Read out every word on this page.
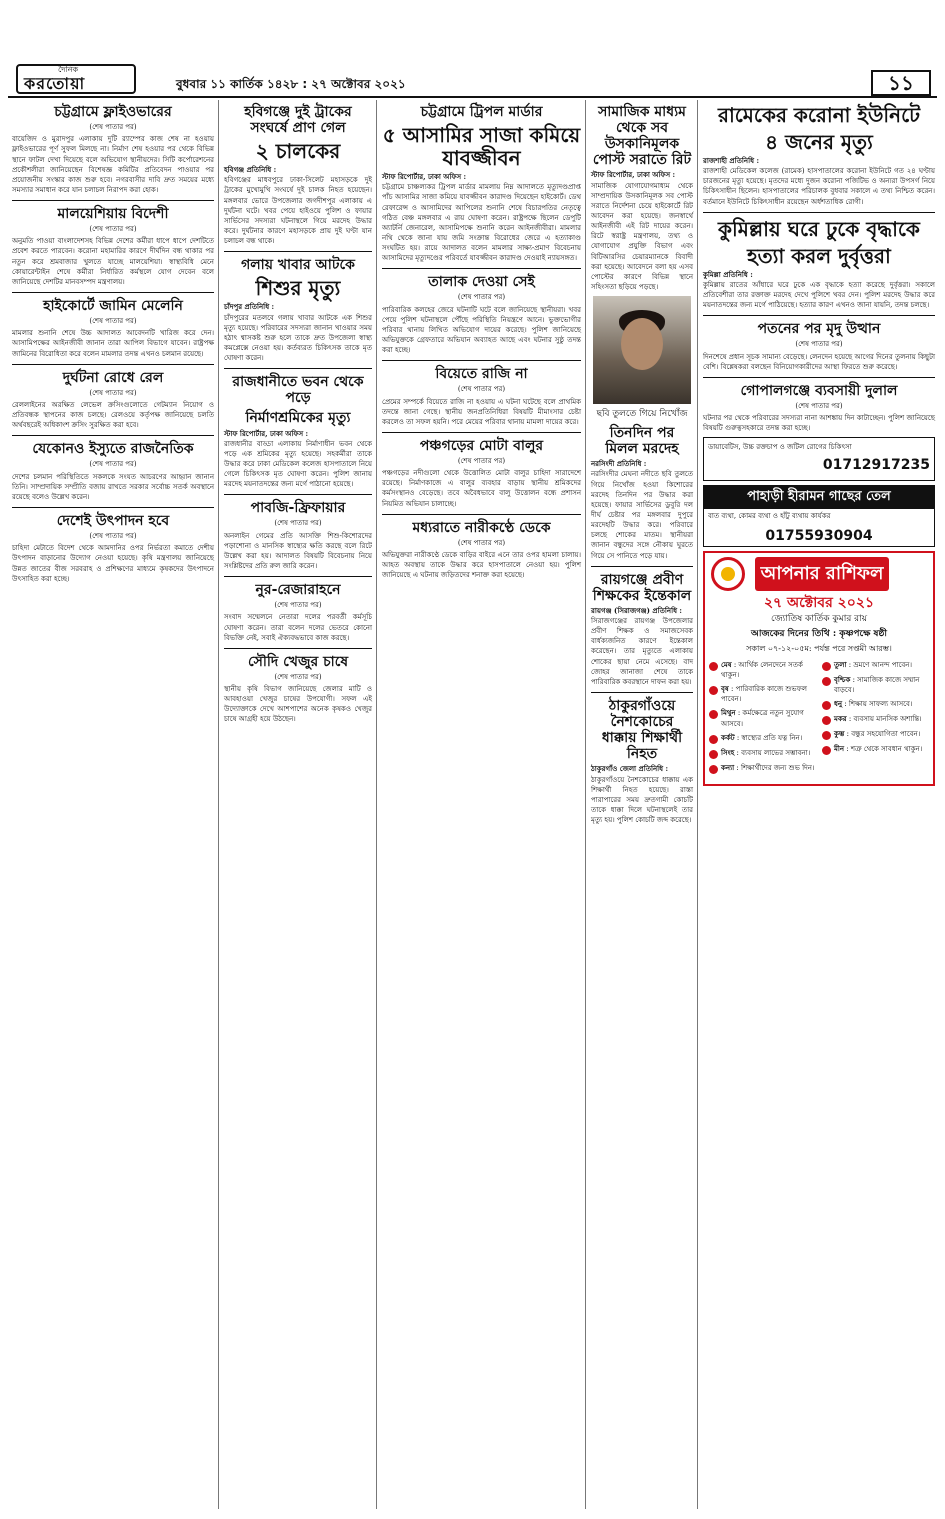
দৈনিক
করতোয়া	বুধবার ১১ কার্তিক ১৪২৮ : ২৭ অক্টোবর ২০২১	১১
চট্টগ্রামে ফ্লাইওভারের
(শেষ পাতার পর)

বায়েজিদ ও মুরাদপুর এলাকায় দুটি র‌্যাম্পের কাজ শেষ না হওয়ায় ফ্লাইওভারের পূর্ণ সুফল মিলছে না। নির্মাণ শেষ হওয়ার পর থেকে বিভিন্ন স্থানে ফাটল দেখা দিয়েছে বলে অভিযোগ স্থানীয়দের। সিটি কর্পোরেশনের প্রকৌশলীরা জানিয়েছেন বিশেষজ্ঞ কমিটির প্রতিবেদন পাওয়ার পর প্রয়োজনীয় সংস্কার কাজ শুরু হবে। নগরবাসীর দাবি দ্রুত সময়ের মধ্যে সমস্যার সমাধান করে যান চলাচল নিরাপদ করা হোক।

মালয়েশিয়ায় বিদেশী
(শেষ পাতার পর)

অনুমতি পাওয়া বাংলাদেশসহ বিভিন্ন দেশের কর্মীরা ধাপে ধাপে দেশটিতে প্রবেশ করতে পারবেন। করোনা মহামারির কারণে দীর্ঘদিন বন্ধ থাকার পর নতুন করে শ্রমবাজার খুলতে যাচ্ছে মালয়েশিয়া। স্বাস্থ্যবিধি মেনে কোয়ারেন্টাইন শেষে কর্মীরা নির্ধারিত কর্মস্থলে যোগ দেবেন বলে জানিয়েছে দেশটির মানবসম্পদ মন্ত্রণালয়।

হাইকোর্টে জামিন মেলেনি
(শেষ পাতার পর)

মামলার শুনানি শেষে উচ্চ আদালত আবেদনটি খারিজ করে দেন। আসামিপক্ষের আইনজীবী জানান তারা আপিল বিভাগে যাবেন। রাষ্ট্রপক্ষ জামিনের বিরোধিতা করে বলেন মামলার তদন্ত এখনও চলমান রয়েছে।

দুর্ঘটনা রোধে রেল
(শেষ পাতার পর)

রেললাইনের অরক্ষিত লেভেল ক্রসিংগুলোতে গেটম্যান নিয়োগ ও প্রতিবন্ধক স্থাপনের কাজ চলছে। রেলওয়ে কর্তৃপক্ষ জানিয়েছে চলতি অর্থবছরেই অধিকাংশ ক্রসিং সুরক্ষিত করা হবে।

যেকোনও ইস্যুতে রাজনৈতিক
(শেষ পাতার পর)

দেশের চলমান পরিস্থিতিতে সকলকে সংযত আচরণের আহ্বান জানান তিনি। সাম্প্রদায়িক সম্প্রীতি বজায় রাখতে সরকার সর্বোচ্চ সতর্ক অবস্থানে রয়েছে বলেও উল্লেখ করেন।

দেশেই উৎপাদন হবে
(শেষ পাতার পর)

চাহিদা মেটাতে বিদেশ থেকে আমদানির ওপর নির্ভরতা কমাতে দেশীয় উৎপাদন বাড়ানোর উদ্যোগ নেওয়া হয়েছে। কৃষি মন্ত্রণালয় জানিয়েছে উন্নত জাতের বীজ সরবরাহ ও প্রশিক্ষণের মাধ্যমে কৃষকদের উৎপাদনে উৎসাহিত করা হচ্ছে।

হবিগঞ্জে দুই ট্রাকের সংঘর্ষে প্রাণ গেল
২ চালকের
হবিগঞ্জ প্রতিনিধি :

হবিগঞ্জের মাধবপুরে ঢাকা-সিলেট মহাসড়কে দুই ট্রাকের মুখোমুখি সংঘর্ষে দুই চালক নিহত হয়েছেন। মঙ্গলবার ভোরে উপজেলার জগদীশপুর এলাকায় এ দুর্ঘটনা ঘটে। খবর পেয়ে হাইওয়ে পুলিশ ও ফায়ার সার্ভিসের সদস্যরা ঘটনাস্থলে গিয়ে মরদেহ উদ্ধার করে। দুর্ঘটনার কারণে মহাসড়কে প্রায় দুই ঘণ্টা যান চলাচল বন্ধ থাকে।

গলায় খাবার আটকে
শিশুর মৃত্যু
চাঁদপুর প্রতিনিধি :

চাঁদপুরের মতলবে গলায় খাবার আটকে এক শিশুর মৃত্যু হয়েছে। পরিবারের সদস্যরা জানান খাওয়ার সময় হঠাৎ শ্বাসকষ্ট শুরু হলে তাকে দ্রুত উপজেলা স্বাস্থ্য কমপ্লেক্সে নেওয়া হয়। কর্তব্যরত চিকিৎসক তাকে মৃত ঘোষণা করেন।

রাজধানীতে ভবন থেকে পড়ে
নির্মাণশ্রমিকের মৃত্যু
স্টাফ রিপোর্টার, ঢাকা অফিস :

রাজধানীর বাড্ডা এলাকায় নির্মাণাধীন ভবন থেকে পড়ে এক শ্রমিকের মৃত্যু হয়েছে। সহকর্মীরা তাকে উদ্ধার করে ঢাকা মেডিকেল কলেজ হাসপাতালে নিয়ে গেলে চিকিৎসক মৃত ঘোষণা করেন। পুলিশ জানায় মরদেহ ময়নাতদন্তের জন্য মর্গে পাঠানো হয়েছে।

পাবজি-ফ্রিফায়ার
(শেষ পাতার পর)

অনলাইন গেমের প্রতি আসক্তি শিশু-কিশোরদের পড়াশোনা ও মানসিক স্বাস্থ্যের ক্ষতি করছে বলে রিটে উল্লেখ করা হয়। আদালত বিষয়টি বিবেচনায় নিয়ে সংশ্লিষ্টদের প্রতি রুল জারি করেন।

নুর-রেজারাহনে
(শেষ পাতার পর)

সংবাদ সম্মেলনে নেতারা দলের পরবর্তী কর্মসূচি ঘোষণা করেন। তারা বলেন দলের ভেতরে কোনো বিভক্তি নেই, সবাই ঐক্যবদ্ধভাবে কাজ করছে।

সৌদি খেজুর চাষে
(শেষ পাতার পর)

স্থানীয় কৃষি বিভাগ জানিয়েছে জেলার মাটি ও আবহাওয়া খেজুর চাষের উপযোগী। সফল এই উদ্যোক্তাকে দেখে আশপাশের অনেক কৃষকও খেজুর চাষে আগ্রহী হয়ে উঠছেন।

চট্টগ্রামে ট্রিপল মার্ডার
৫ আসামির সাজা কমিয়ে যাবজ্জীবন
স্টাফ রিপোর্টার, ঢাকা অফিস :

চট্টগ্রামে চাঞ্চল্যকর ট্রিপল মার্ডার মামলায় নিম্ন আদালতে মৃত্যুদণ্ডপ্রাপ্ত পাঁচ আসামির সাজা কমিয়ে যাবজ্জীবন কারাদণ্ড দিয়েছেন হাইকোর্ট। ডেথ রেফারেন্স ও আসামিদের আপিলের শুনানি শেষে বিচারপতির নেতৃত্বে গঠিত বেঞ্চ মঙ্গলবার এ রায় ঘোষণা করেন। রাষ্ট্রপক্ষে ছিলেন ডেপুটি অ্যাটর্নি জেনারেল, আসামিপক্ষে শুনানি করেন আইনজীবীরা। মামলার নথি থেকে জানা যায় জমি সংক্রান্ত বিরোধের জেরে এ হত্যাকাণ্ড সংঘটিত হয়। রায়ে আদালত বলেন মামলার সাক্ষ্য-প্রমাণ বিবেচনায় আসামিদের মৃত্যুদণ্ডের পরিবর্তে যাবজ্জীবন কারাদণ্ড দেওয়াই ন্যায়সঙ্গত।

তালাক দেওয়া সেই
(শেষ পাতার পর)

পারিবারিক কলহের জেরে ঘটনাটি ঘটে বলে জানিয়েছে স্থানীয়রা। খবর পেয়ে পুলিশ ঘটনাস্থলে পৌঁছে পরিস্থিতি নিয়ন্ত্রণে আনে। ভুক্তভোগীর পরিবার থানায় লিখিত অভিযোগ দায়ের করেছে। পুলিশ জানিয়েছে অভিযুক্তকে গ্রেফতারে অভিযান অব্যাহত আছে এবং ঘটনার সুষ্ঠু তদন্ত করা হচ্ছে।

বিয়েতে রাজি না
(শেষ পাতার পর)

প্রেমের সম্পর্কে বিয়েতে রাজি না হওয়ায় এ ঘটনা ঘটেছে বলে প্রাথমিক তদন্তে জানা গেছে। স্থানীয় জনপ্রতিনিধিরা বিষয়টি মীমাংসার চেষ্টা করলেও তা সফল হয়নি। পরে মেয়ের পরিবার থানায় মামলা দায়ের করে।

পঞ্চগড়ের মোটা বালুর
(শেষ পাতার পর)

পঞ্চগড়ের নদীগুলো থেকে উত্তোলিত মোটা বালুর চাহিদা সারাদেশে রয়েছে। নির্মাণকাজে এ বালুর ব্যবহার বাড়ায় স্থানীয় শ্রমিকদের কর্মসংস্থানও বেড়েছে। তবে অবৈধভাবে বালু উত্তোলন বন্ধে প্রশাসন নিয়মিত অভিযান চালাচ্ছে।

মধ্যরাতে নারীকণ্ঠে ডেকে
(শেষ পাতার পর)

অভিযুক্তরা নারীকণ্ঠে ডেকে বাড়ির বাইরে এনে তার ওপর হামলা চালায়। আহত অবস্থায় তাকে উদ্ধার করে হাসপাতালে নেওয়া হয়। পুলিশ জানিয়েছে এ ঘটনায় জড়িতদের শনাক্ত করা হয়েছে।

সামাজিক মাধ্যম থেকে সব উসকানিমূলক পোস্ট সরাতে রিট
স্টাফ রিপোর্টার, ঢাকা অফিস :

সামাজিক যোগাযোগমাধ্যম থেকে সাম্প্রদায়িক উসকানিমূলক সব পোস্ট সরাতে নির্দেশনা চেয়ে হাইকোর্টে রিট আবেদন করা হয়েছে। জনস্বার্থে আইনজীবী এই রিট দায়ের করেন। রিটে স্বরাষ্ট্র মন্ত্রণালয়, তথ্য ও যোগাযোগ প্রযুক্তি বিভাগ এবং বিটিআরসির চেয়ারম্যানকে বিবাদী করা হয়েছে। আবেদনে বলা হয় এসব পোস্টের কারণে বিভিন্ন স্থানে সহিংসতা ছড়িয়ে পড়ছে।

ছবি তুলতে গিয়ে নিখোঁজ
তিনদিন পর মিলল মরদেহ
নরসিংদী প্রতিনিধি :

নরসিংদীর মেঘনা নদীতে ছবি তুলতে গিয়ে নিখোঁজ হওয়া কিশোরের মরদেহ তিনদিন পর উদ্ধার করা হয়েছে। ফায়ার সার্ভিসের ডুবুরি দল দীর্ঘ চেষ্টার পর মঙ্গলবার দুপুরে মরদেহটি উদ্ধার করে। পরিবারে চলছে শোকের মাতম। স্থানীয়রা জানান বন্ধুদের সঙ্গে নৌকায় ঘুরতে গিয়ে সে পানিতে পড়ে যায়।

রায়গঞ্জে প্রবীণ শিক্ষকের ইন্তেকাল
রায়গঞ্জ (সিরাজগঞ্জ) প্রতিনিধি :

সিরাজগঞ্জের রায়গঞ্জ উপজেলার প্রবীণ শিক্ষক ও সমাজসেবক বার্ধক্যজনিত কারণে ইন্তেকাল করেছেন। তার মৃত্যুতে এলাকায় শোকের ছায়া নেমে এসেছে। বাদ জোহর জানাজা শেষে তাকে পারিবারিক কবরস্থানে দাফন করা হয়।

ঠাকুরগাঁওয়ে নৈশকোচের ধাক্কায় শিক্ষার্থী নিহত
ঠাকুরগাঁও জেলা প্রতিনিধি :

ঠাকুরগাঁওয়ে নৈশকোচের ধাক্কায় এক শিক্ষার্থী নিহত হয়েছে। রাস্তা পারাপারের সময় দ্রুতগামী কোচটি তাকে ধাক্কা দিলে ঘটনাস্থলেই তার মৃত্যু হয়। পুলিশ কোচটি জব্দ করেছে।

রামেকের করোনা ইউনিটে
৪ জনের মৃত্যু
রাজশাহী প্রতিনিধি :

রাজশাহী মেডিকেল কলেজ (রামেক) হাসপাতালের করোনা ইউনিটে গত ২৪ ঘণ্টায় চারজনের মৃত্যু হয়েছে। মৃতদের মধ্যে দুজন করোনা পজিটিভ ও অন্যরা উপসর্গ নিয়ে চিকিৎসাধীন ছিলেন। হাসপাতালের পরিচালক বুধবার সকালে এ তথ্য নিশ্চিত করেন। বর্তমানে ইউনিটে চিকিৎসাধীন রয়েছেন অর্ধশতাধিক রোগী।

কুমিল্লায় ঘরে ঢুকে বৃদ্ধাকে
হত্যা করল দুর্বৃত্তরা
কুমিল্লা প্রতিনিধি :

কুমিল্লায় রাতের আঁধারে ঘরে ঢুকে এক বৃদ্ধাকে হত্যা করেছে দুর্বৃত্তরা। সকালে প্রতিবেশীরা তার রক্তাক্ত মরদেহ দেখে পুলিশে খবর দেন। পুলিশ মরদেহ উদ্ধার করে ময়নাতদন্তের জন্য মর্গে পাঠিয়েছে। হত্যার কারণ এখনও জানা যায়নি, তদন্ত চলছে।

পতনের পর মৃদু উত্থান
(শেষ পাতার পর)

দিনশেষে প্রধান সূচক সামান্য বেড়েছে। লেনদেন হয়েছে আগের দিনের তুলনায় কিছুটা বেশি। বিশ্লেষকরা বলছেন বিনিয়োগকারীদের আস্থা ফিরতে শুরু করেছে।

গোপালগঞ্জে ব্যবসায়ী দুলাল
(শেষ পাতার পর)

ঘটনার পর থেকে পরিবারের সদস্যরা নানা আশঙ্কায় দিন কাটাচ্ছেন। পুলিশ জানিয়েছে বিষয়টি গুরুত্বসহকারে তদন্ত করা হচ্ছে।

ডায়াবেটিস, উচ্চ রক্তচাপ ও জটিল রোগের চিকিৎসা

01712917235
পাহাড়ী হীরামন গাছের তেল

বাত ব্যথা, কোমর ব্যথা ও হাঁটু ব্যথায় কার্যকর

01755930904
আপনার রাশিফল
২৭ অক্টোবর ২০২১
জ্যোতিষ কার্তিক কুমার রায়
আজকের দিনের তিথি : কৃষ্ণপক্ষে ষষ্ঠী
সকাল ০৭-১২-০৫ম: পর্যন্ত পরে সপ্তমী আরম্ভ।
মেষ : আর্থিক লেনদেনে সতর্ক থাকুন।
বৃষ : পারিবারিক কাজে শুভফল পাবেন।
মিথুন : কর্মক্ষেত্রে নতুন সুযোগ আসবে।
কর্কট : স্বাস্থ্যের প্রতি যত্ন নিন।
সিংহ : ব্যবসায় লাভের সম্ভাবনা।
কন্যা : শিক্ষার্থীদের জন্য শুভ দিন।
তুলা : ভ্রমণে আনন্দ পাবেন।
বৃশ্চিক : সামাজিক কাজে সম্মান বাড়বে।
ধনু : শিক্ষায় সাফল্য আসবে।
মকর : ব্যবসায় মানসিক অশান্তি।
কুম্ভ : বন্ধুর সহযোগিতা পাবেন।
মীন : শত্রু থেকে সাবধান থাকুন।
